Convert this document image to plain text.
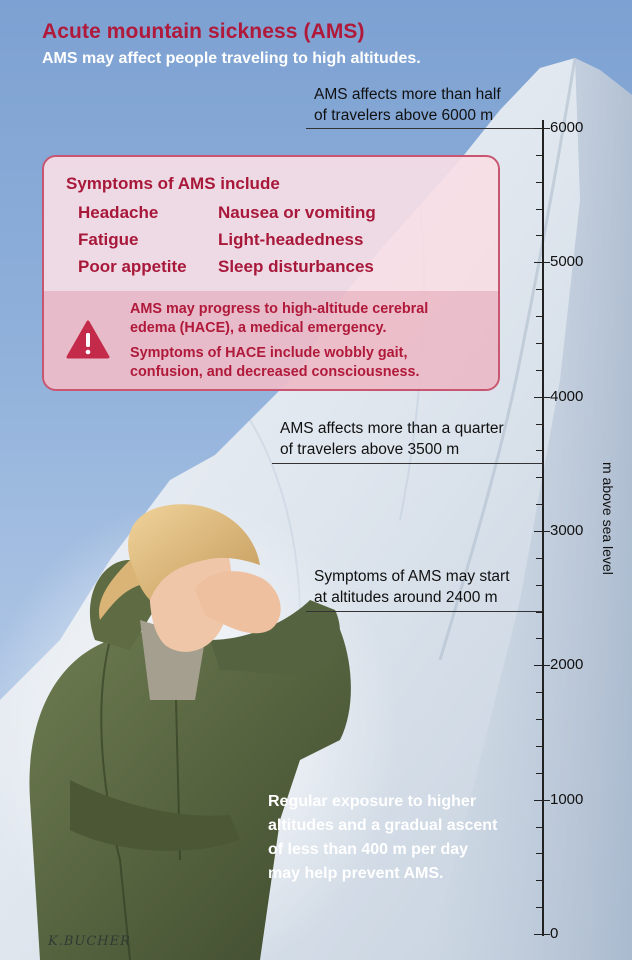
Acute mountain sickness (AMS)
AMS may affect people traveling to high altitudes.
AMS affects more than half
of travelers above 6000 m
Symptoms of AMS include
Headache
Fatigue
Poor appetite
Nausea or vomiting
Light-headedness
Sleep disturbances
AMS may progress to high-altitude cerebral
edema (HACE), a medical emergency.
Symptoms of HACE include wobbly gait,
confusion, and decreased consciousness.
AMS affects more than a quarter
of travelers above 3500 m
Symptoms of AMS may start
at altitudes around 2400 m
0
1000
2000
3000
4000
5000
6000
m above sea level
Regular exposure to higher
altitudes and a gradual ascent
of less than 400 m per day
may help prevent AMS.
K.BUCHER
